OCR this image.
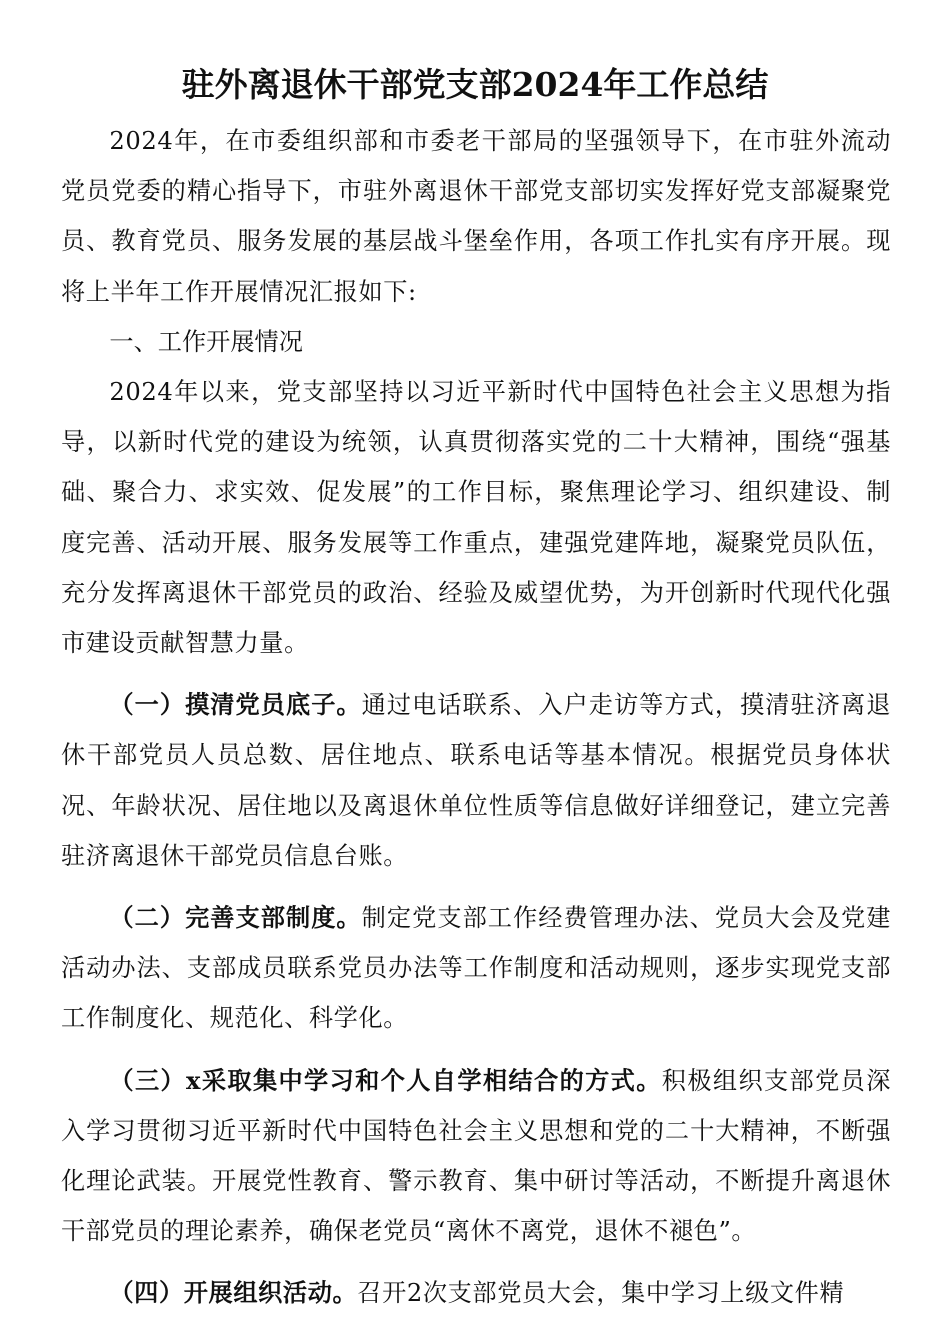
驻外离退休干部党支部2024年工作总结

2024年，在市委组织部和市委老干部局的坚强领导下，在市驻外流动党员党委的精心指导下，市驻外离退休干部党支部切实发挥好党支部凝聚党员、教育党员、服务发展的基层战斗堡垒作用，各项工作扎实有序开展。现将上半年工作开展情况汇报如下:

一、工作开展情况

2024年以来，党支部坚持以习近平新时代中国特色社会主义思想为指导，以新时代党的建设为统领，认真贯彻落实党的二十大精神，围绕“强基础、聚合力、求实效、促发展”的工作目标，聚焦理论学习、组织建设、制度完善、活动开展、服务发展等工作重点，建强党建阵地，凝聚党员队伍，充分发挥离退休干部党员的政治、经验及威望优势，为开创新时代现代化强市建设贡献智慧力量。

（一）摸清党员底子。通过电话联系、入户走访等方式，摸清驻济离退休干部党员人员总数、居住地点、联系电话等基本情况。根据党员身体状况、年龄状况、居住地以及离退休单位性质等信息做好详细登记，建立完善驻济离退休干部党员信息台账。

（二）完善支部制度。制定党支部工作经费管理办法、党员大会及党建活动办法、支部成员联系党员办法等工作制度和活动规则，逐步实现党支部工作制度化、规范化、科学化。

（三）x采取集中学习和个人自学相结合的方式。积极组织支部党员深入学习贯彻习近平新时代中国特色社会主义思想和党的二十大精神，不断强化理论武装。开展党性教育、警示教育、集中研讨等活动，不断提升离退休干部党员的理论素养，确保老党员“离休不离党，退休不褪色”。

（四）开展组织活动。召开2次支部党员大会，集中学习上级文件精
